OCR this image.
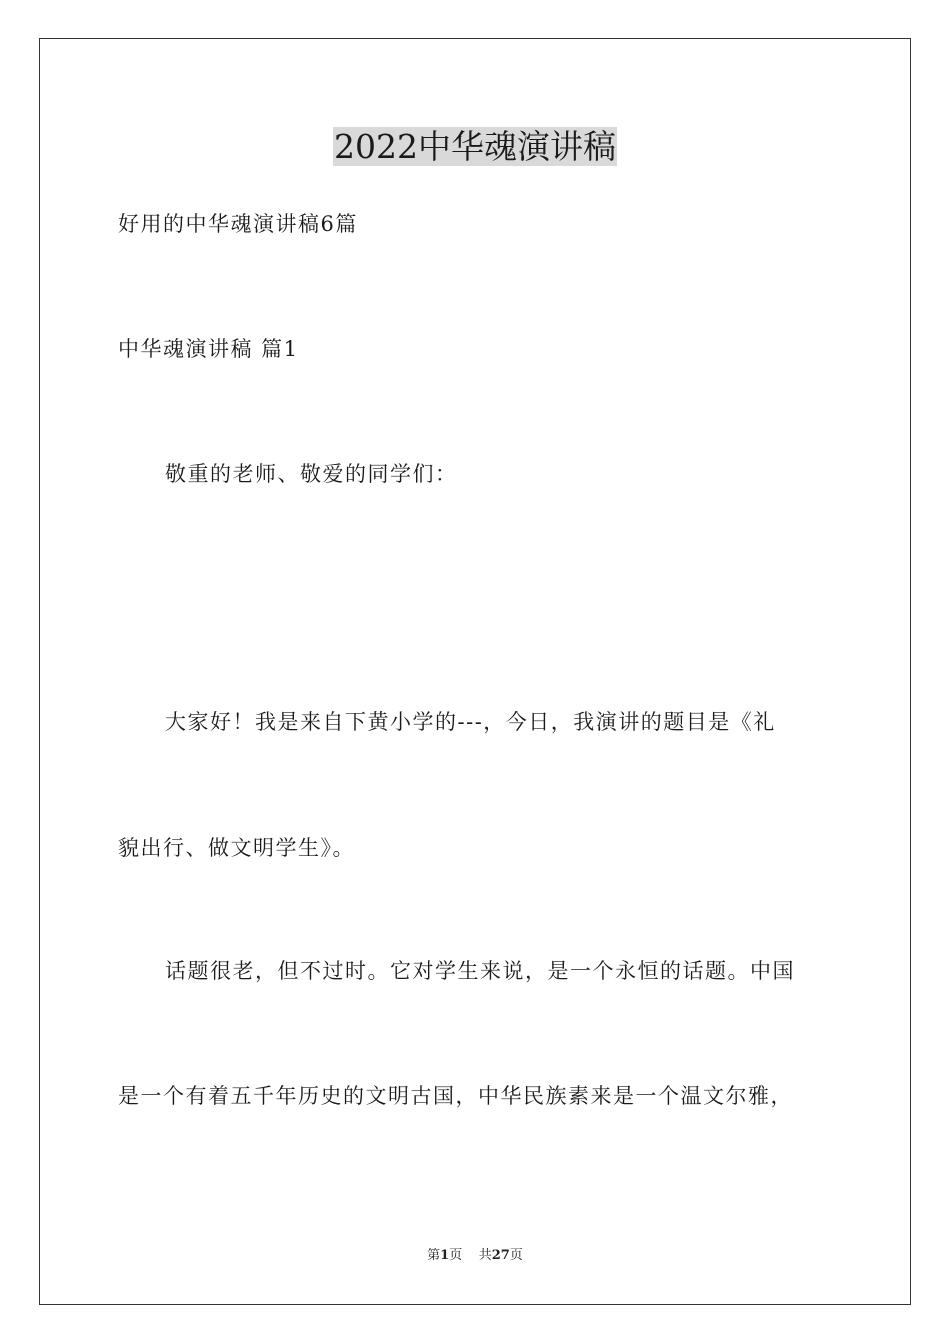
2022中华魂演讲稿

好用的中华魂演讲稿6篇

中华魂演讲稿 篇1

敬重的老师、敬爱的同学们：

大家好！我是来自下黄小学的---，今日，我演讲的题目是《礼

貌出行、做文明学生》。

话题很老，但不过时。它对学生来说，是一个永恒的话题。中国

是一个有着五千年历史的文明古国，中华民族素来是一个温文尔雅，

第1页 共27页
